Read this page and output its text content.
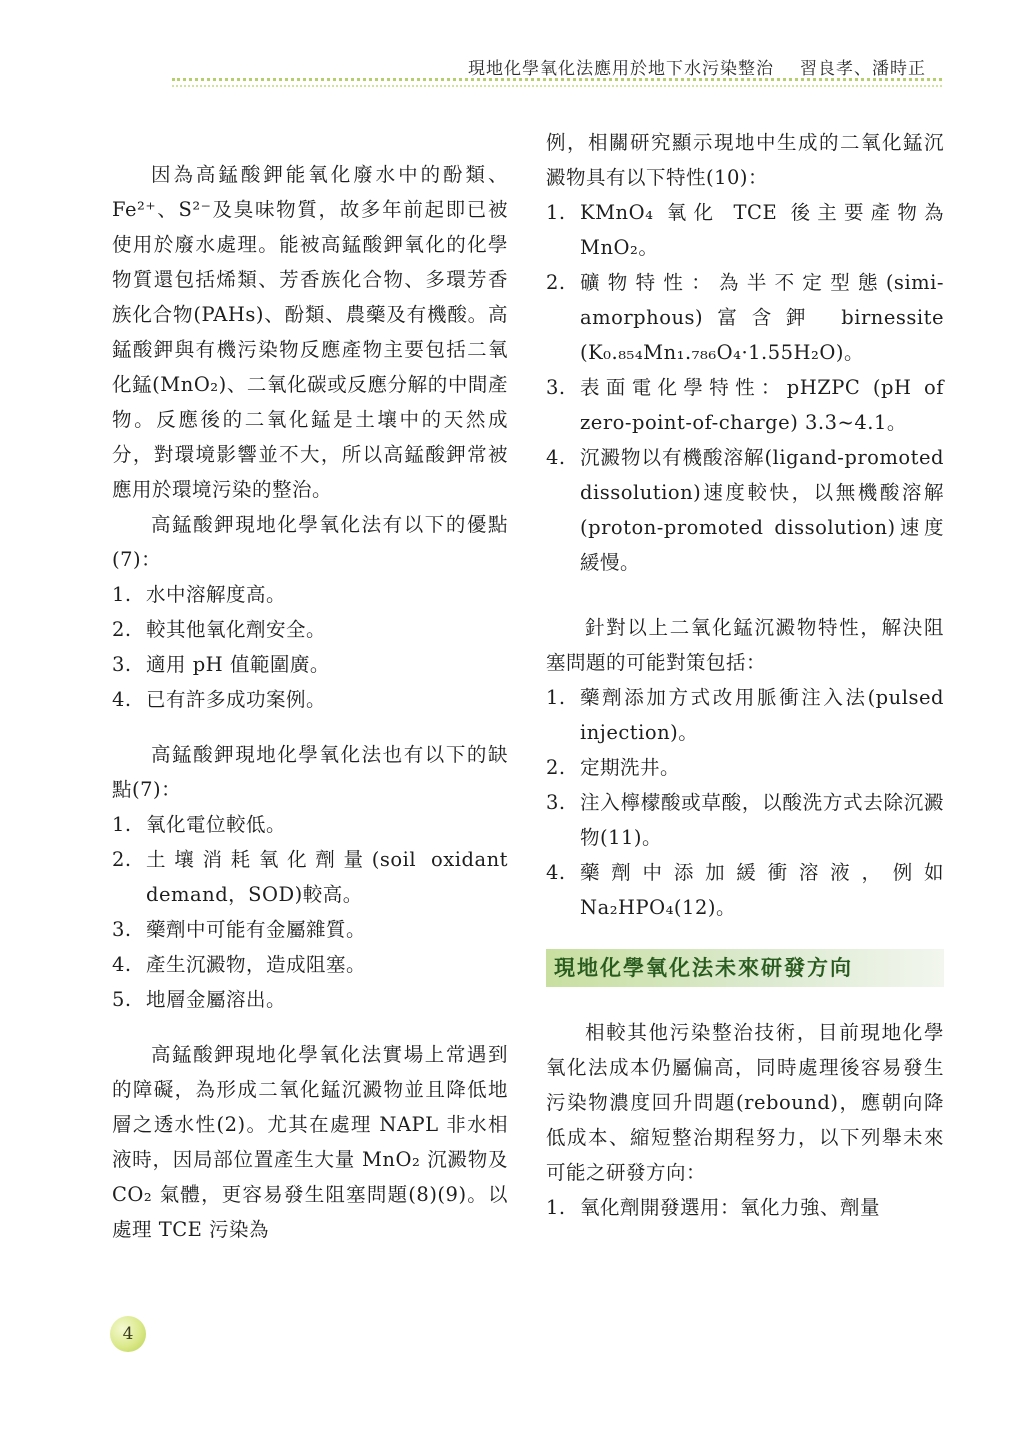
現地化學氧化法應用於地下水污染整治 習良孝、潘時正

因為高錳酸鉀能氧化廢水中的酚類、Fe²⁺、S²⁻及臭味物質，故多年前起即已被使用於廢水處理。能被高錳酸鉀氧化的化學物質還包括烯類、芳香族化合物、多環芳香族化合物(PAHs)、酚類、農藥及有機酸。高錳酸鉀與有機污染物反應產物主要包括二氧化錳(MnO₂)、二氧化碳或反應分解的中間產物。反應後的二氧化錳是土壤中的天然成分，對環境影響並不大，所以高錳酸鉀常被應用於環境污染的整治。

高錳酸鉀現地化學氧化法有以下的優點(7)：

1. 水中溶解度高。
2. 較其他氧化劑安全。
3. 適用 pH 值範圍廣。
4. 已有許多成功案例。

高錳酸鉀現地化學氧化法也有以下的缺點(7)：

1. 氧化電位較低。
2. 土壤消耗氧化劑量(soil oxidant demand，SOD)較高。
3. 藥劑中可能有金屬雜質。
4. 產生沉澱物，造成阻塞。
5. 地層金屬溶出。

高錳酸鉀現地化學氧化法實場上常遇到的障礙，為形成二氧化錳沉澱物並且降低地層之透水性(2)。尤其在處理 NAPL 非水相液時，因局部位置產生大量 MnO₂ 沉澱物及 CO₂ 氣體，更容易發生阻塞問題(8)(9)。以處理 TCE 污染為

例，相關研究顯示現地中生成的二氧化錳沉澱物具有以下特性(10)：

1. KMnO₄ 氧化 TCE 後主要產物為 MnO₂。
2. 礦物特性：為半不定型態(simi-amorphous)富含鉀 birnessite (K₀.₈₅₄Mn₁.₇₈₆O₄·1.55H₂O)。
3. 表面電化學特性：pHZPC (pH of zero-point-of-charge) 3.3~4.1。
4. 沉澱物以有機酸溶解(ligand-promoted dissolution)速度較快，以無機酸溶解(proton-promoted dissolution)速度緩慢。

針對以上二氧化錳沉澱物特性，解決阻塞問題的可能對策包括：

1. 藥劑添加方式改用脈衝注入法(pulsed injection)。
2. 定期洗井。
3. 注入檸檬酸或草酸，以酸洗方式去除沉澱物(11)。
4. 藥劑中添加緩衝溶液，例如 Na₂HPO₄(12)。
現地化學氧化法未來研發方向

相較其他污染整治技術，目前現地化學氧化法成本仍屬偏高，同時處理後容易發生污染物濃度回升問題(rebound)，應朝向降低成本、縮短整治期程努力，以下列舉未來可能之研發方向：

1. 氧化劑開發選用：氧化力強、劑量
4
